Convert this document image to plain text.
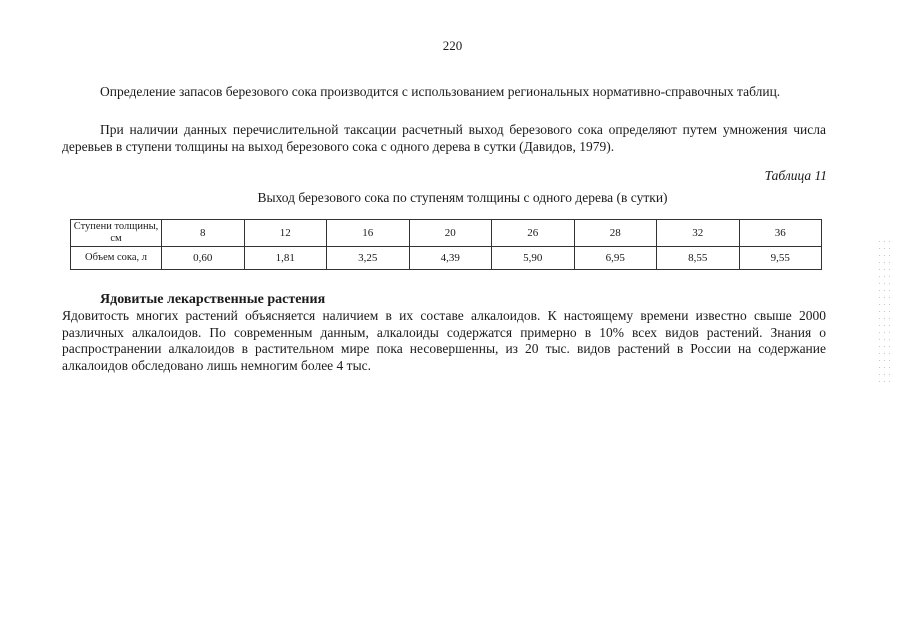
220
Определение запасов березового сока производится с использованием региональных нормативно-справочных таблиц.
При наличии данных перечислительной таксации расчетный выход березового сока определяют путем умножения числа деревьев в ступени толщины на выход березового сока с одного дерева в сутки (Давидов, 1979).
Таблица 11
Выход березового сока по ступеням толщины с одного дерева (в сутки)
Ступени толщины, см	8	12	16	20	26	28	32	36
Объем сока, л	0,60	1,81	3,25	4,39	5,90	6,95	8,55	9,55
Ядовитые лекарственные растения
Ядовитость многих растений объясняется наличием в их составе алкалоидов. К настоящему времени известно свыше 2000 различных алкалоидов. По современным данным, алкалоиды содержатся примерно в 10% всех видов растений. Знания о распространении алкалоидов в растительном мире пока несовершенны, из 20 тыс. видов растений в России на содержание алкалоидов обследовано лишь немногим более 4 тыс.
